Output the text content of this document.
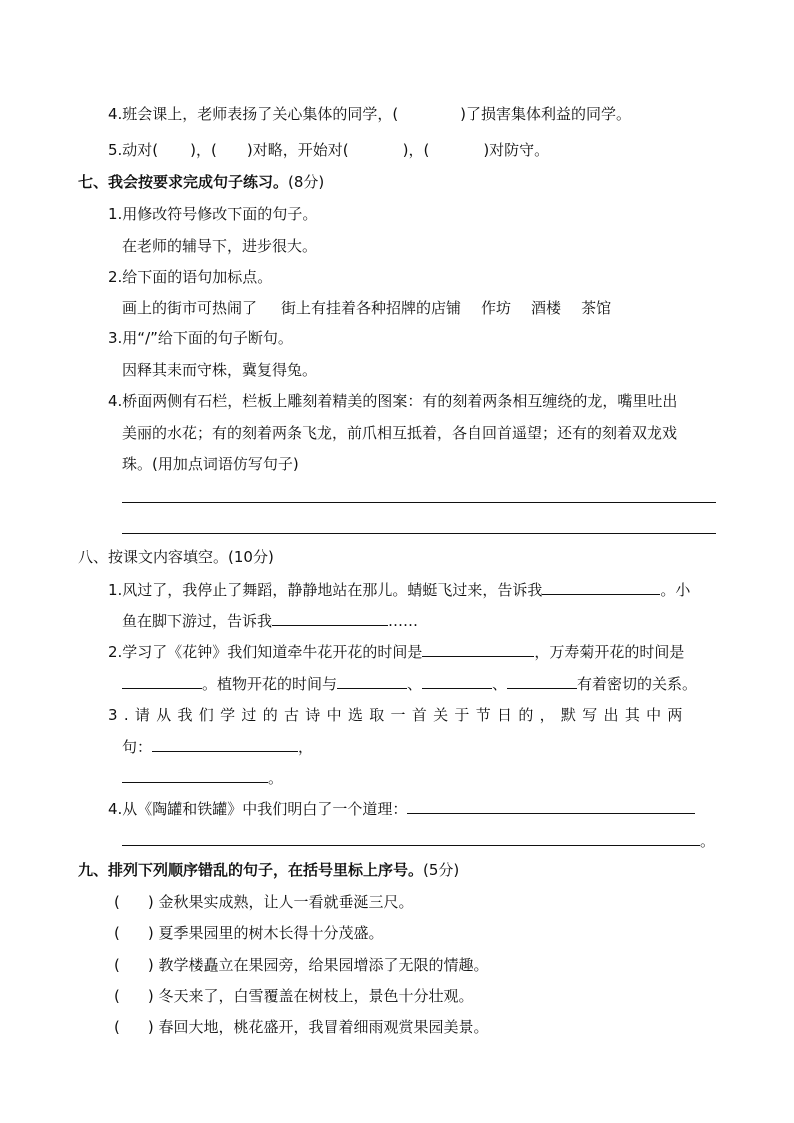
4.班会课上，老师表扬了关心集体的同学，(	)了损害集体利益的同学。
5.动对( )，( )对略，开始对(	)，(	)对防守。
七、我会按要求完成句子练习。(8分)
1.用修改符号修改下面的句子。
在老师的辅导下，进步很大。
2.给下面的语句加标点。
画上的街市可热闹了 街上有挂着各种招牌的店铺 作坊 酒楼 茶馆
3.用“/”给下面的句子断句。
因释其耒而守株，冀复得兔。
4.桥面两侧有石栏，栏板上雕刻着精美的图案：有的刻着两条相互缠绕的龙，嘴里吐出
美丽的水花；有的刻着两条飞龙，前爪相互抵着，各自回首遥望；还有的刻着双龙戏
珠。(用加点词语仿写句子)
八、按课文内容填空。(10分)
1.风过了，我停止了舞蹈，静静地站在那儿。蜻蜓飞过来，告诉我	。小
鱼在脚下游过，告诉我	……
2.学习了《花钟》我们知道牵牛花开花的时间是	，万寿菊开花的时间是
。植物开花的时间与	、	、	有着密切的关系。
3.请从我们学过的古诗中选取一首关于节日的，默写出其中两
句：	，
。
4.从《陶罐和铁罐》中我们明白了一个道理：
。
九、排列下列顺序错乱的句子，在括号里标上序号。(5分)
( ) 金秋果实成熟，让人一看就垂涎三尺。
( ) 夏季果园里的树木长得十分茂盛。
( ) 教学楼矗立在果园旁，给果园增添了无限的情趣。
( ) 冬天来了，白雪覆盖在树枝上，景色十分壮观。
( ) 春回大地，桃花盛开，我冒着细雨观赏果园美景。
